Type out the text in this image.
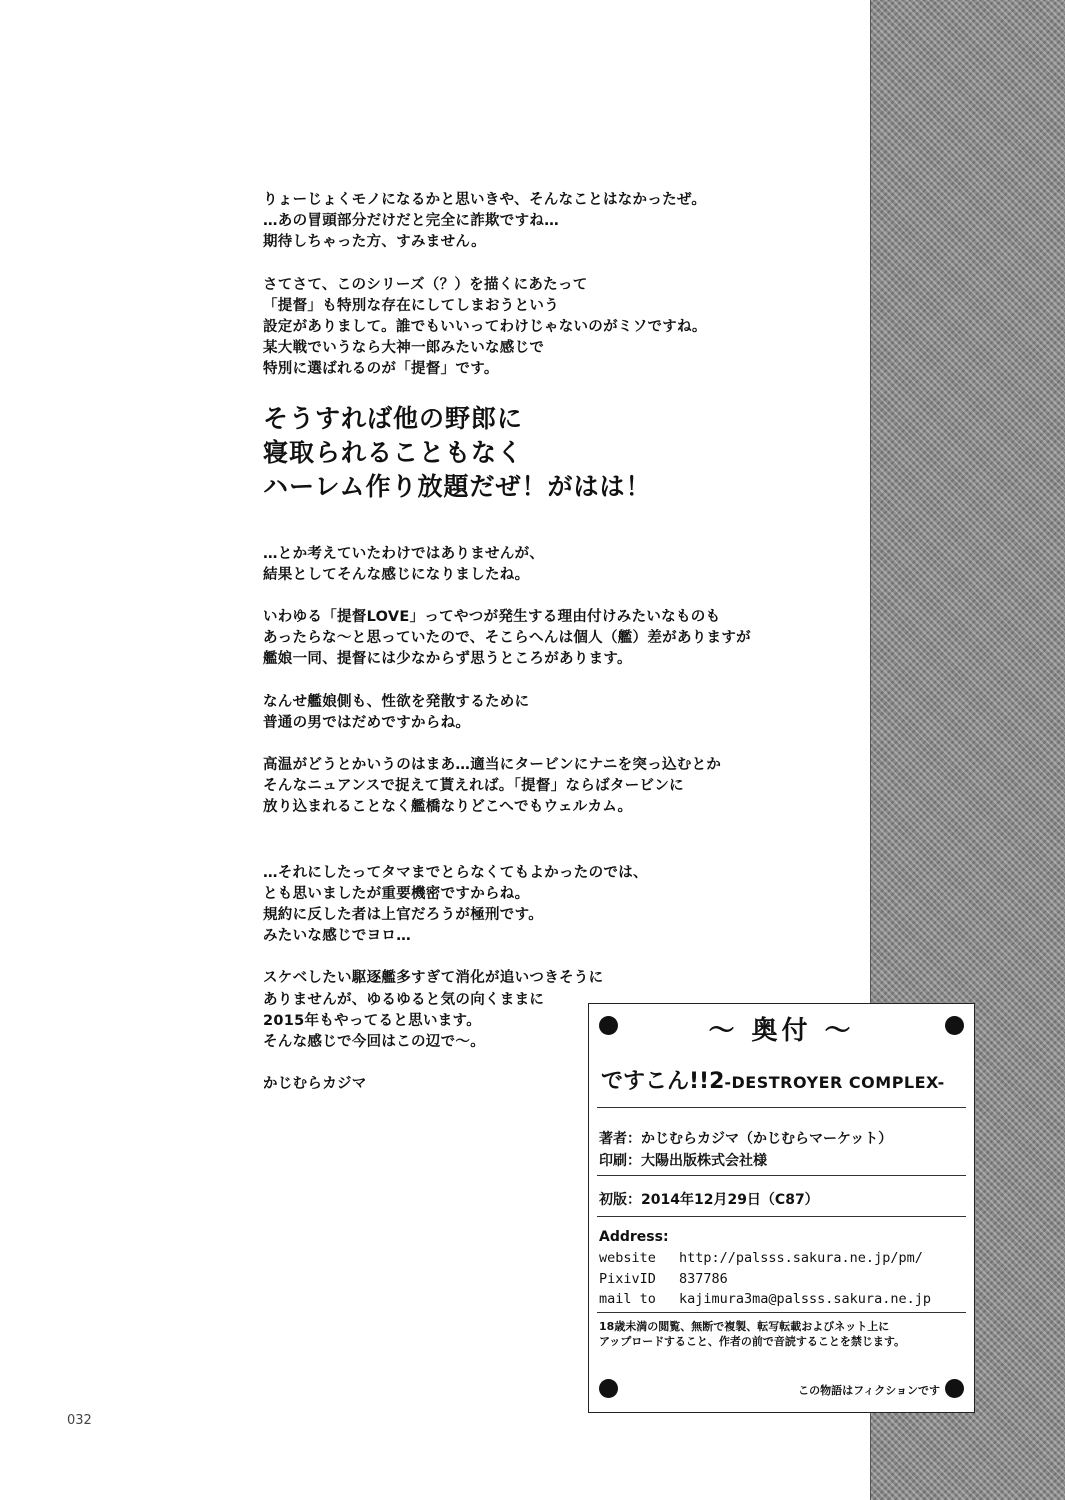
りょーじょくモノになるかと思いきや、そんなことはなかったぜ。
…あの冒頭部分だけだと完全に詐欺ですね…
期待しちゃった方、すみません。

さてさて、このシリーズ（？）を描くにあたって
「提督」も特別な存在にしてしまおうという
設定がありまして。誰でもいいってわけじゃないのがミソですね。
某大戦でいうなら大神一郎みたいな感じで
特別に選ばれるのが「提督」です。

そうすれば他の野郎に
寝取られることもなく
ハーレム作り放題だぜ！がはは！

…とか考えていたわけではありませんが、
結果としてそんな感じになりましたね。

いわゆる「提督LOVE」ってやつが発生する理由付けみたいなものも
あったらな～と思っていたので、そこらへんは個人（艦）差がありますが
艦娘一同、提督には少なからず思うところがあります。

なんせ艦娘側も、性欲を発散するために
普通の男ではだめですからね。

高温がどうとかいうのはまあ…適当にタービンにナニを突っ込むとか
そんなニュアンスで捉えて貰えれば。「提督」ならばタービンに
放り込まれることなく艦橋なりどこへでもウェルカム。

…それにしたってタマまでとらなくてもよかったのでは、
とも思いましたが重要機密ですからね。
規約に反した者は上官だろうが極刑です。
みたいな感じでヨロ…

スケベしたい駆逐艦多すぎて消化が追いつきそうに
ありませんが、ゆるゆると気の向くままに
2015年もやってると思います。
そんな感じで今回はこの辺で～。

かじむらカジマ

～ 奥付 ～
ですこん!!2-DESTROYER COMPLEX-
著者：かじむらカジマ（かじむらマーケット）
印刷：大陽出版株式会社様
初版：2014年12月29日（C87）
Address:
website http://palsss.sakura.ne.jp/pm/
PixivID 837786
mail to kajimura3ma@palsss.sakura.ne.jp
18歳未満の閲覧、無断で複製、転写転載およびネット上に
アップロードすること、作者の前で音読することを禁じます。
この物語はフィクションです
032
